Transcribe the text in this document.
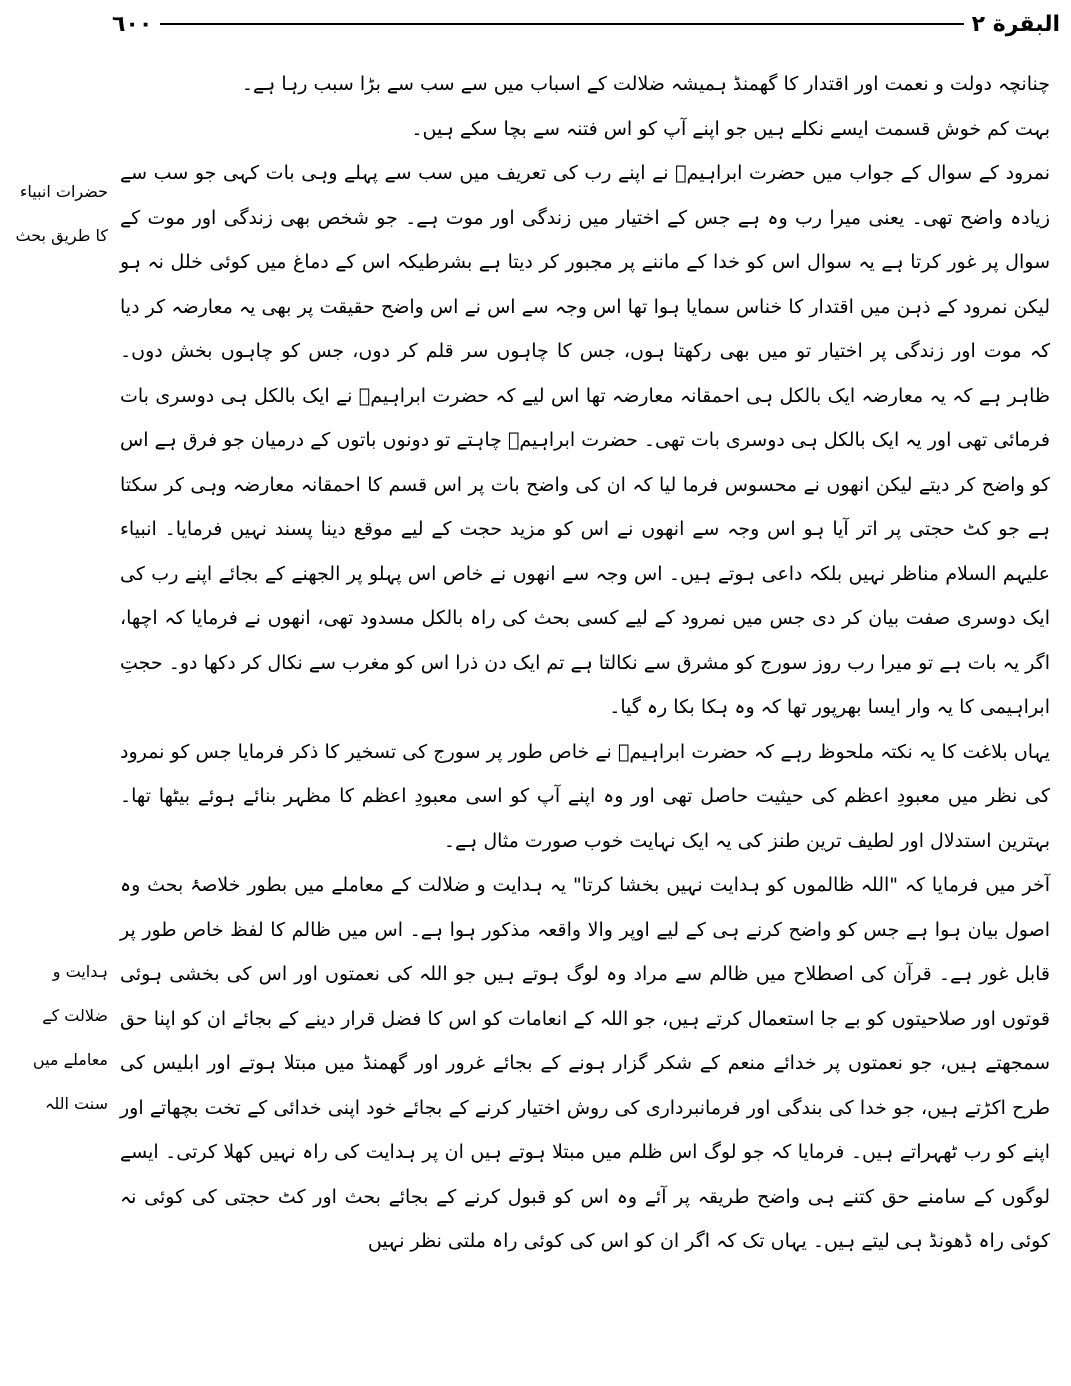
البقرة ٢
٦٠٠

چنانچہ دولت و نعمت اور اقتدار کا گھمنڈ ہمیشہ ضلالت کے اسباب میں سے سب سے بڑا سبب رہا ہے۔

بہت کم خوش قسمت ایسے نکلے ہیں جو اپنے آپ کو اس فتنہ سے بچا سکے ہیں۔

نمرود کے سوال کے جواب میں حضرت ابراہیمؑ نے اپنے رب کی تعریف میں سب سے پہلے وہی بات کہی جو سب سے زیادہ واضح تھی۔ یعنی میرا رب وہ ہے جس کے اختیار میں زندگی اور موت ہے۔ جو شخص بھی زندگی اور موت کے سوال پر غور کرتا ہے یہ سوال اس کو خدا کے ماننے پر مجبور کر دیتا ہے بشرطیکہ اس کے دماغ میں کوئی خلل نہ ہو لیکن نمرود کے ذہن میں اقتدار کا خناس سمایا ہوا تھا اس وجہ سے اس نے اس واضح حقیقت پر بھی یہ معارضہ کر دیا کہ موت اور زندگی پر اختیار تو میں بھی رکھتا ہوں، جس کا چاہوں سر قلم کر دوں، جس کو چاہوں بخش دوں۔ ظاہر ہے کہ یہ معارضہ ایک بالکل ہی احمقانہ معارضہ تھا اس لیے کہ حضرت ابراہیمؑ نے ایک بالکل ہی دوسری بات فرمائی تھی اور یہ ایک بالکل ہی دوسری بات تھی۔ حضرت ابراہیمؑ چاہتے تو دونوں باتوں کے درمیان جو فرق ہے اس کو واضح کر دیتے لیکن انھوں نے محسوس فرما لیا کہ ان کی واضح بات پر اس قسم کا احمقانہ معارضہ وہی کر سکتا ہے جو کٹ حجتی پر اتر آیا ہو اس وجہ سے انھوں نے اس کو مزید حجت کے لیے موقع دینا پسند نہیں فرمایا۔ انبیاء علیہم السلام مناظر نہیں بلکہ داعی ہوتے ہیں۔ اس وجہ سے انھوں نے خاص اس پہلو پر الجھنے کے بجائے اپنے رب کی ایک دوسری صفت بیان کر دی جس میں نمرود کے لیے کسی بحث کی راہ بالکل مسدود تھی، انھوں نے فرمایا کہ اچھا، اگر یہ بات ہے تو میرا رب روز سورج کو مشرق سے نکالتا ہے تم ایک دن ذرا اس کو مغرب سے نکال کر دکھا دو۔ حجتِ ابراہیمی کا یہ وار ایسا بھرپور تھا کہ وہ ہکا بکا رہ گیا۔

یہاں بلاغت کا یہ نکتہ ملحوظ رہے کہ حضرت ابراہیمؑ نے خاص طور پر سورج کی تسخیر کا ذکر فرمایا جس کو نمرود کی نظر میں معبودِ اعظم کی حیثیت حاصل تھی اور وہ اپنے آپ کو اسی معبودِ اعظم کا مظہر بنائے ہوئے بیٹھا تھا۔ بہترین استدلال اور لطیف ترین طنز کی یہ ایک نہایت خوب صورت مثال ہے۔

آخر میں فرمایا کہ "اللہ ظالموں کو ہدایت نہیں بخشا کرتا" یہ ہدایت و ضلالت کے معاملے میں بطور خلاصۂ بحث وہ اصول بیان ہوا ہے جس کو واضح کرنے ہی کے لیے اوپر والا واقعہ مذکور ہوا ہے۔ اس میں ظالم کا لفظ خاص طور پر قابل غور ہے۔ قرآن کی اصطلاح میں ظالم سے مراد وہ لوگ ہوتے ہیں جو اللہ کی نعمتوں اور اس کی بخشی ہوئی قوتوں اور صلاحیتوں کو بے جا استعمال کرتے ہیں، جو اللہ کے انعامات کو اس کا فضل قرار دینے کے بجائے ان کو اپنا حق سمجھتے ہیں، جو نعمتوں پر خدائے منعم کے شکر گزار ہونے کے بجائے غرور اور گھمنڈ میں مبتلا ہوتے اور ابلیس کی طرح اکڑتے ہیں، جو خدا کی بندگی اور فرمانبرداری کی روش اختیار کرنے کے بجائے خود اپنی خدائی کے تخت بچھاتے اور اپنے کو رب ٹھہراتے ہیں۔ فرمایا کہ جو لوگ اس ظلم میں مبتلا ہوتے ہیں ان پر ہدایت کی راہ نہیں کھلا کرتی۔ ایسے لوگوں کے سامنے حق کتنے ہی واضح طریقہ پر آئے وہ اس کو قبول کرنے کے بجائے بحث اور کٹ حجتی کی کوئی نہ کوئی راہ ڈھونڈ ہی لیتے ہیں۔ یہاں تک کہ اگر ان کو اس کی کوئی راہ ملتی نظر نہیں

حضرات انبیاء
کا طریق بحث
ہدایت و
ضلالت کے
معاملے میں
سنت اللہ
